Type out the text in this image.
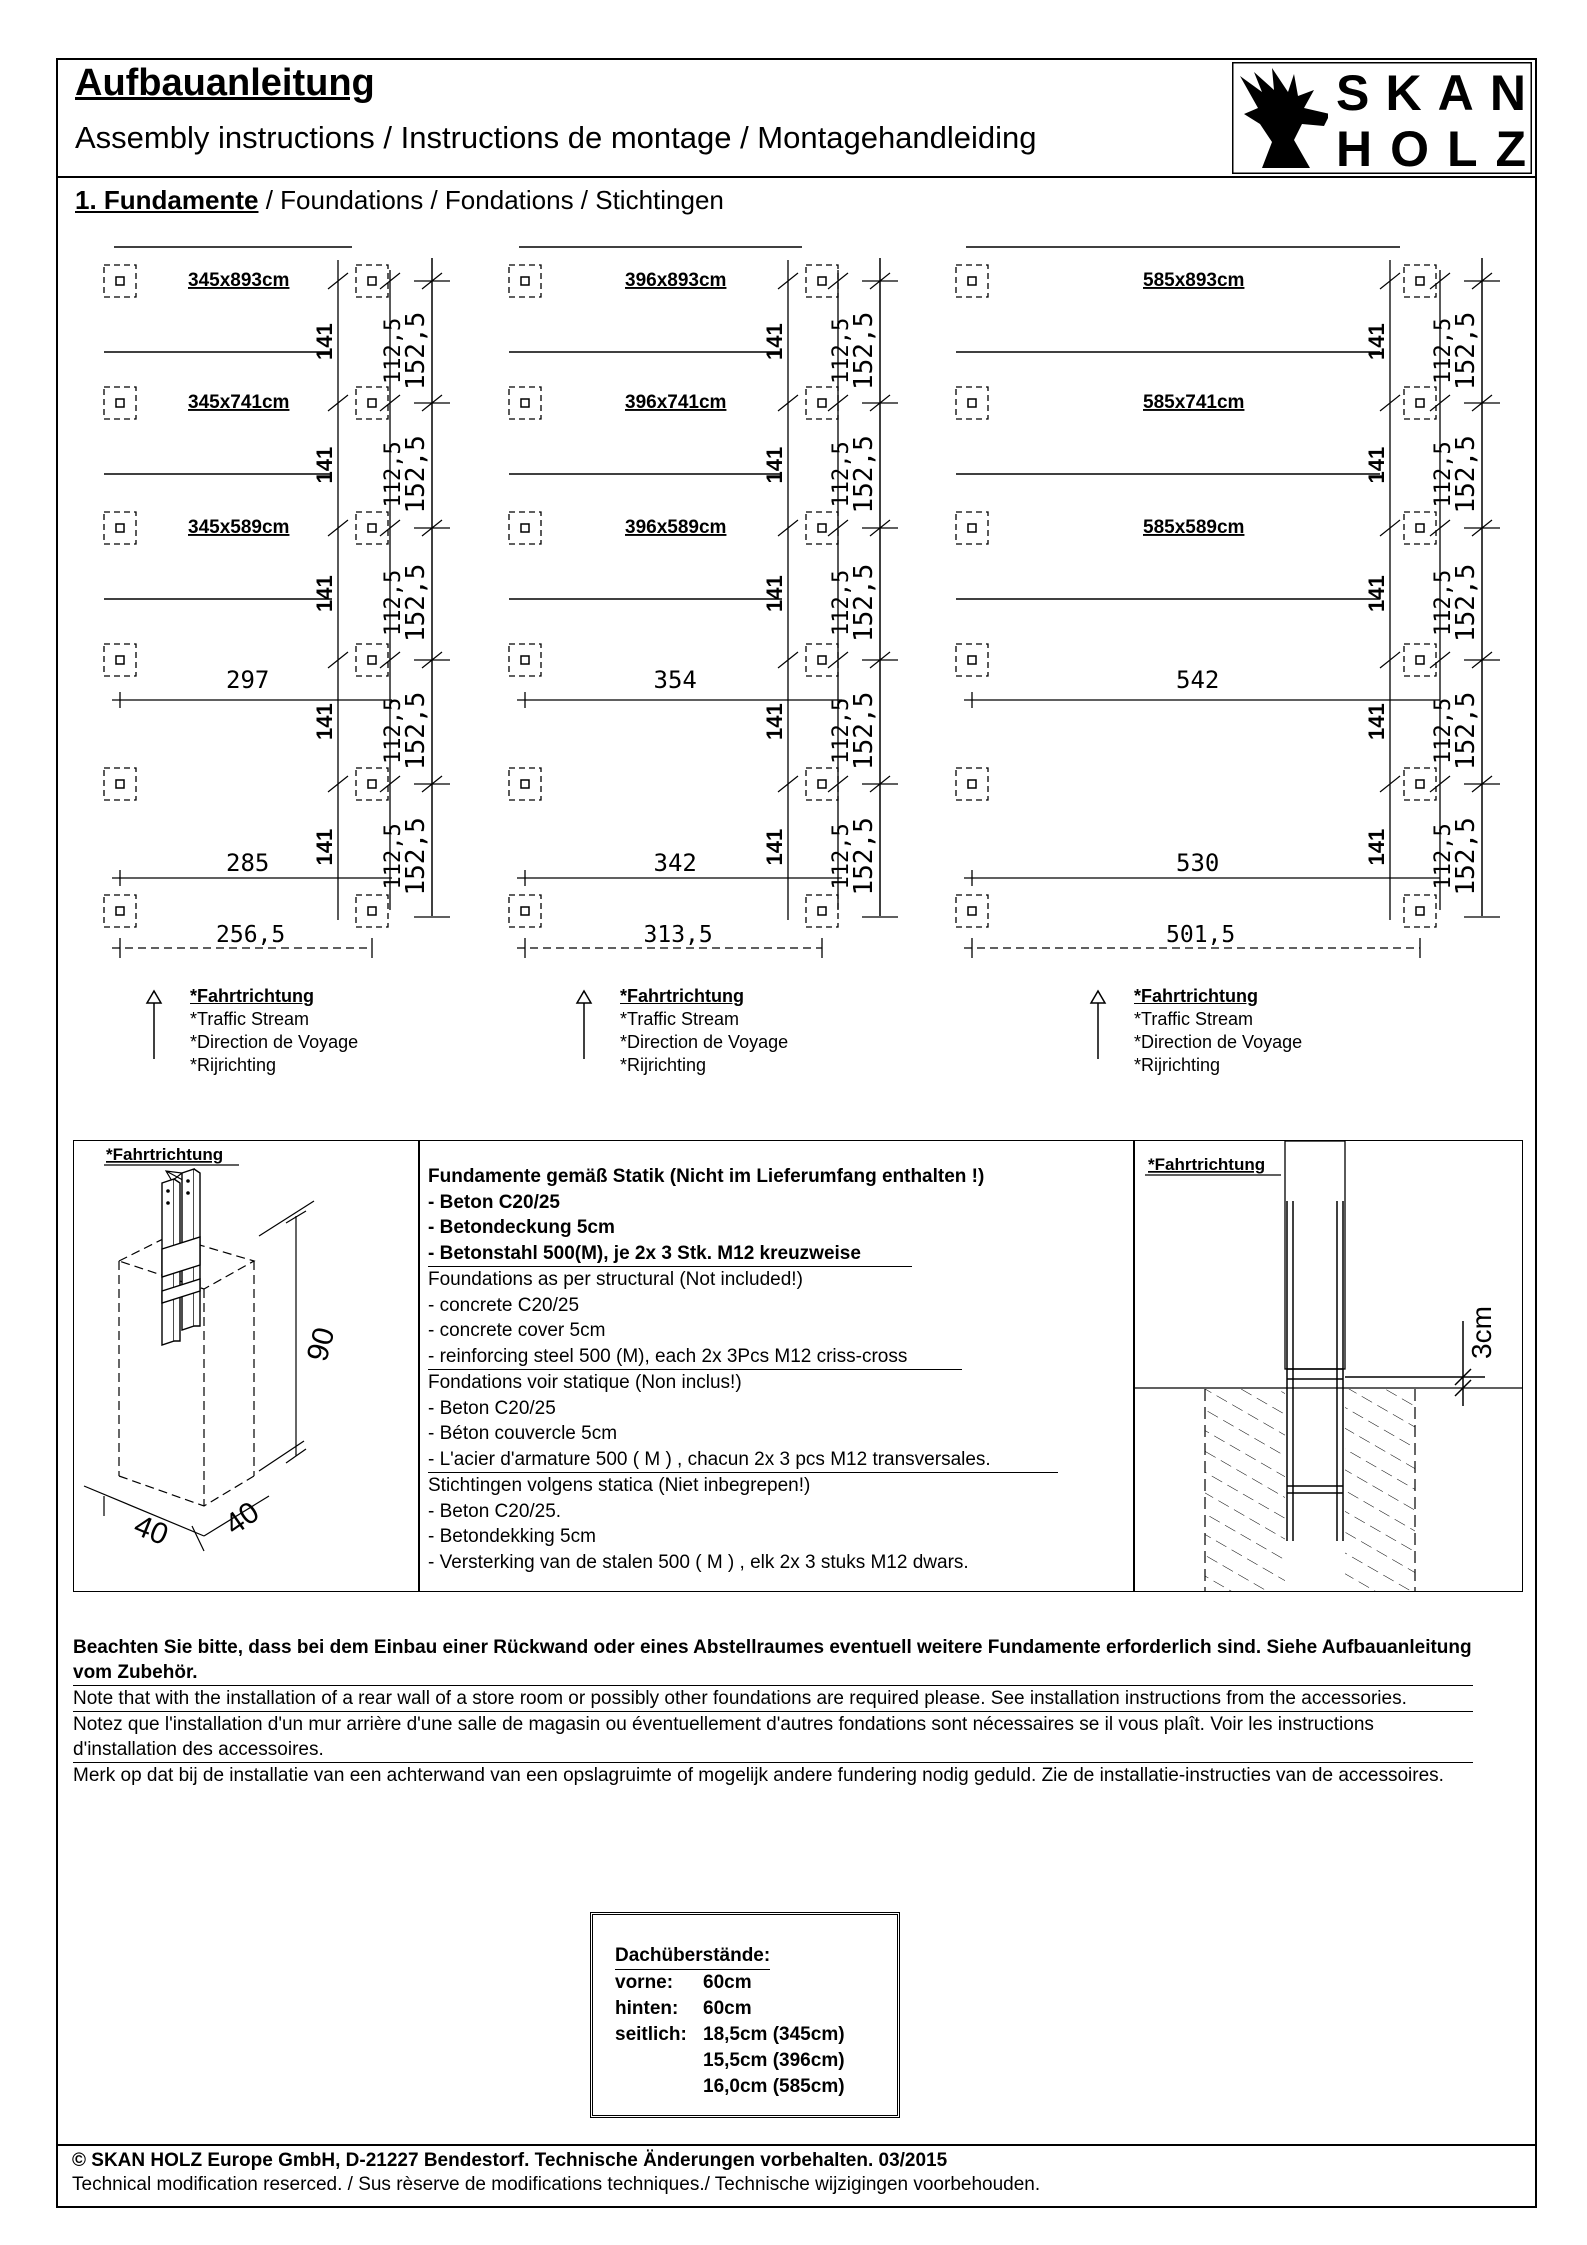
Aufbauanleitung
Assembly instructions / Instructions de montage / Montagehandleiding
®
SKAN
HOLZ
1. Fundamente / Foundations / Fondations / Stichtingen
345x893cm
345x741cm
345x589cm
297
285
256,5
141 112,5
152,5
141 112,5
152,5
141 112,5
152,5
141 112,5
152,5
141 112,5
152,5
396x893cm
396x741cm
396x589cm
354
342
313,5
141 112,5
152,5
141 112,5
152,5
141 112,5
152,5
141 112,5
152,5
141 112,5
152,5
585x893cm
585x741cm
585x589cm
542
530
501,5
141 112,5
152,5
141 112,5
152,5
141 112,5
152,5
141 112,5
152,5
141 112,5
152,5
*Fahrtrichtung
*Traffic Stream
*Direction de Voyage
*Rijrichting
*Fahrtrichtung
*Traffic Stream
*Direction de Voyage
*Rijrichting
*Fahrtrichtung
*Traffic Stream
*Direction de Voyage
*Rijrichting
*Fahrtrichtung
90
40 40
Fundamente gemäß Statik (Nicht im Lieferumfang enthalten !)
- Beton C20/25
- Betondeckung 5cm
- Betonstahl 500(M), je 2x 3 Stk. M12 kreuzweise
Foundations as per structural (Not included!)
- concrete C20/25
- concrete cover 5cm
- reinforcing steel 500 (M), each 2x 3Pcs M12 criss-cross
Fondations voir statique (Non inclus!)
- Beton C20/25
- Béton couvercle 5cm
- L'acier d'armature 500 ( M ) , chacun 2x 3 pcs M12 transversales.
Stichtingen volgens statica (Niet inbegrepen!)
- Beton C20/25.
- Betondekking 5cm
- Versterking van de stalen 500 ( M ) , elk 2x 3 stuks M12 dwars.
*Fahrtrichtung
3cm
Beachten Sie bitte, dass bei dem Einbau einer Rückwand oder eines Abstellraumes eventuell weitere Fundamente erforderlich sind. Siehe Aufbauanleitung vom Zubehör.
Note that with the installation of a rear wall of a store room or possibly other foundations are required please. See installation instructions from the accessories.
Notez que l'installation d'un mur arrière d'une salle de magasin ou éventuellement d'autres fondations sont nécessaires se il vous plaît. Voir les instructions d'installation des accessoires.
Merk op dat bij de installatie van een achterwand van een opslagruimte of mogelijk andere fundering nodig geduld. Zie de installatie-instructies van de accessoires.
Dachüberstände:
vorne: 60cm
hinten: 60cm
seitlich: 18,5cm (345cm)
15,5cm (396cm)
16,0cm (585cm)
© SKAN HOLZ Europe GmbH, D-21227 Bendestorf. Technische Änderungen vorbehalten. 03/2015
Technical modification reserced. / Sus rèserve de modifications techniques./ Technische wijzigingen voorbehouden.
